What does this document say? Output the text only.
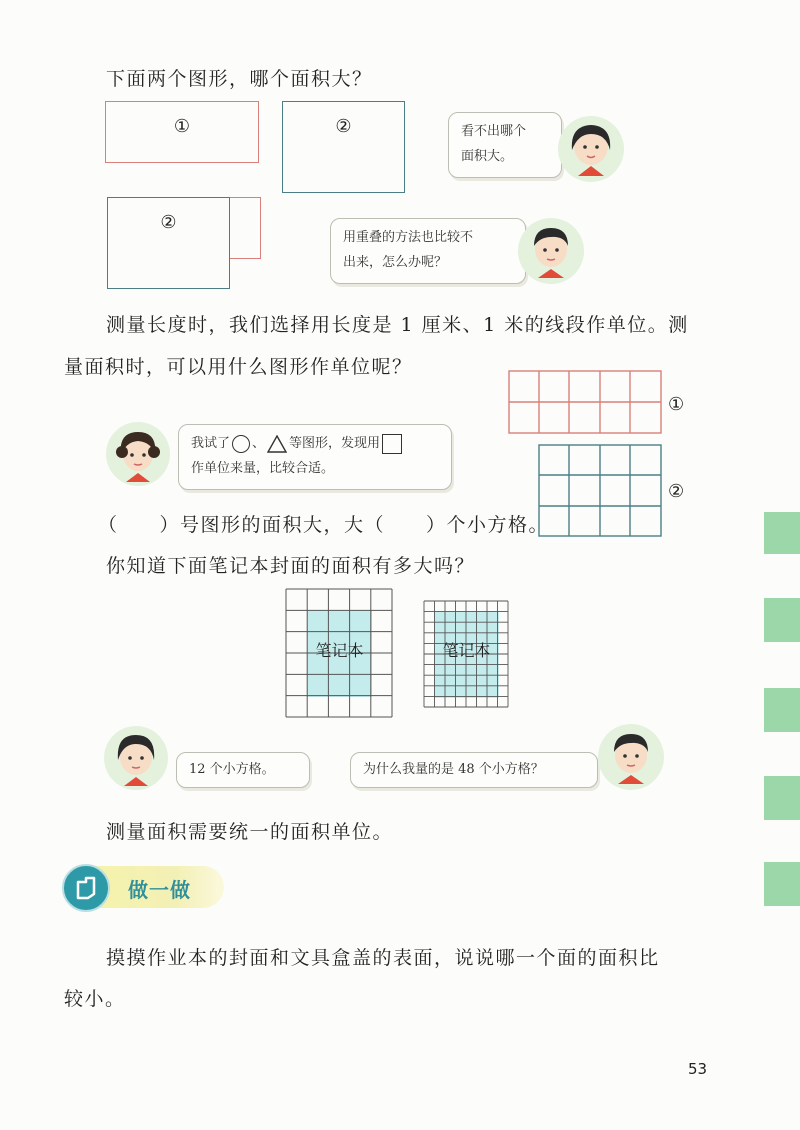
下面两个图形，哪个面积大？
①	②	看不出哪个
面积大。
②
用重叠的方法也比较不
出来，怎么办呢？
测量长度时，我们选择用长度是 1 厘米、1 米的线段作单位。测
量面积时，可以用什么图形作单位呢？
①
②
我试了 、 等图形，发现用
作单位来量，比较合适。
（　　）号图形的面积大，大（　　）个小方格。
你知道下面笔记本封面的面积有多大吗？
笔记本	笔记本
12 个小方格。	为什么我量的是 48 个小方格？
测量面积需要统一的面积单位。
做一做
摸摸作业本的封面和文具盒盖的表面，说说哪一个面的面积比
较小。
53
